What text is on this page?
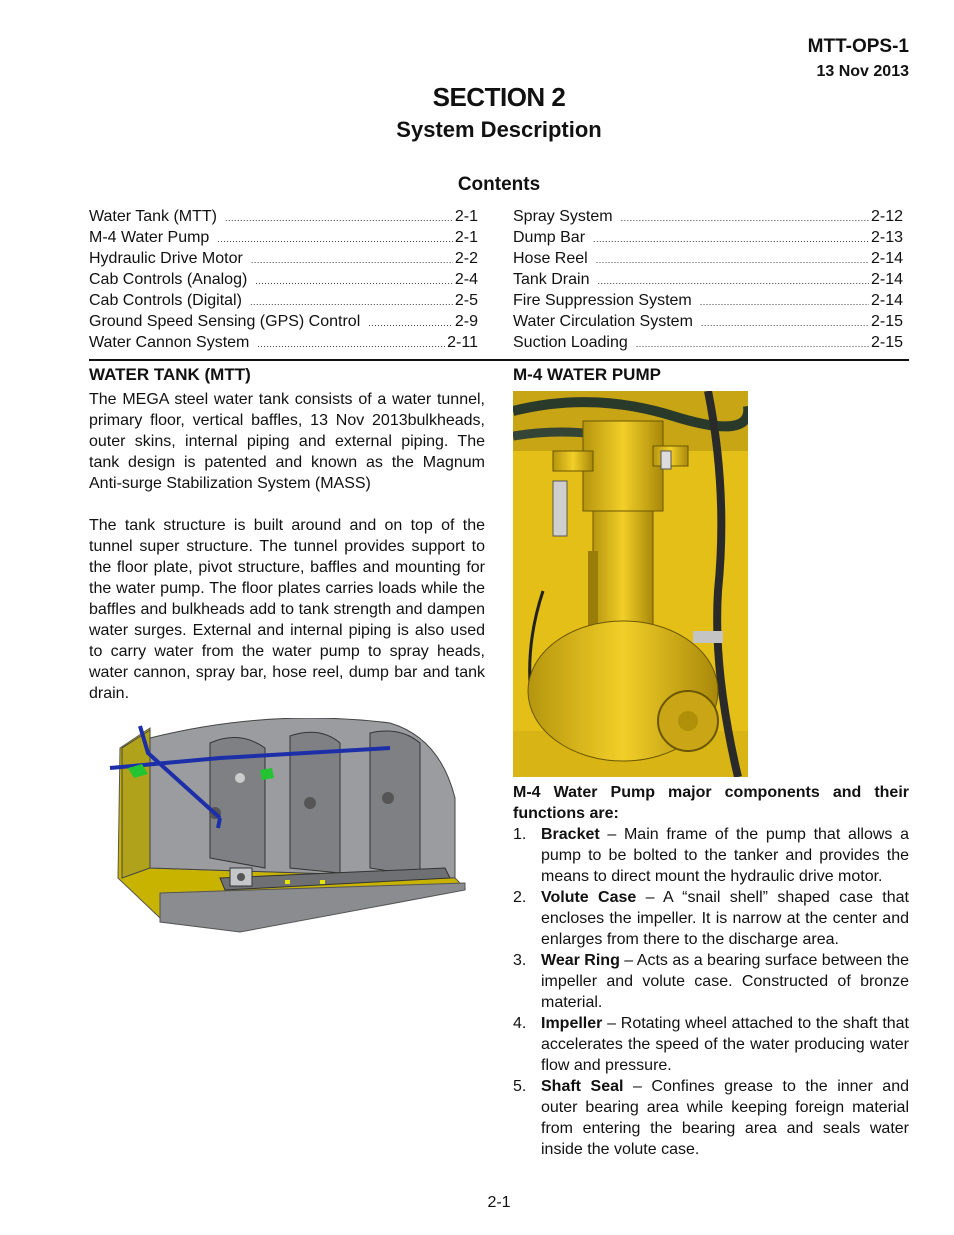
MTT-OPS-1
13 Nov 2013
SECTION 2
System Description
Contents
Water Tank (MTT) .....	2-1
M-4 Water Pump .....	2-1
Hydraulic Drive Motor .....	2-2
Cab Controls (Analog) .....	2-4
Cab Controls (Digital) .....	2-5
Ground Speed Sensing (GPS) Control .....	2-9
Water Cannon System .....	2-11
Spray System .....	2-12
Dump Bar .....	2-13
Hose Reel .....	2-14
Tank Drain .....	2-14
Fire Suppression System .....	2-14
Water Circulation System .....	2-15
Suction Loading .....	2-15
WATER TANK (MTT)
The MEGA steel water tank consists of a water tunnel, primary floor, vertical baffles, 13 Nov 2013bulkheads, outer skins, internal piping and external piping. The tank design is patented and known as the Magnum Anti-surge Stabilization System (MASS)
The tank structure is built around and on top of the tunnel super structure. The tunnel provides support to the floor plate, pivot structure, baffles and mounting for the water pump. The floor plates carries loads while the baffles and bulkheads add to tank strength and dampen water surges. External and internal piping is also used to carry water from the water pump to spray heads, water cannon, spray bar, hose reel, dump bar and tank drain.
M-4 WATER PUMP
M-4 Water Pump major components and their functions are:
1. Bracket – Main frame of the pump that allows a pump to be bolted to the tanker and provides the means to direct mount the hydraulic drive motor.
2. Volute Case – A “snail shell” shaped case that encloses the impeller. It is narrow at the center and enlarges from there to the discharge area.
3. Wear Ring – Acts as a bearing surface between the impeller and volute case. Constructed of bronze material.
4. Impeller – Rotating wheel attached to the shaft that accelerates the speed of the water producing water flow and pressure.
5. Shaft Seal – Confines grease to the inner and outer bearing area while keeping foreign material from entering the bearing area and seals water inside the volute case.
2-1
